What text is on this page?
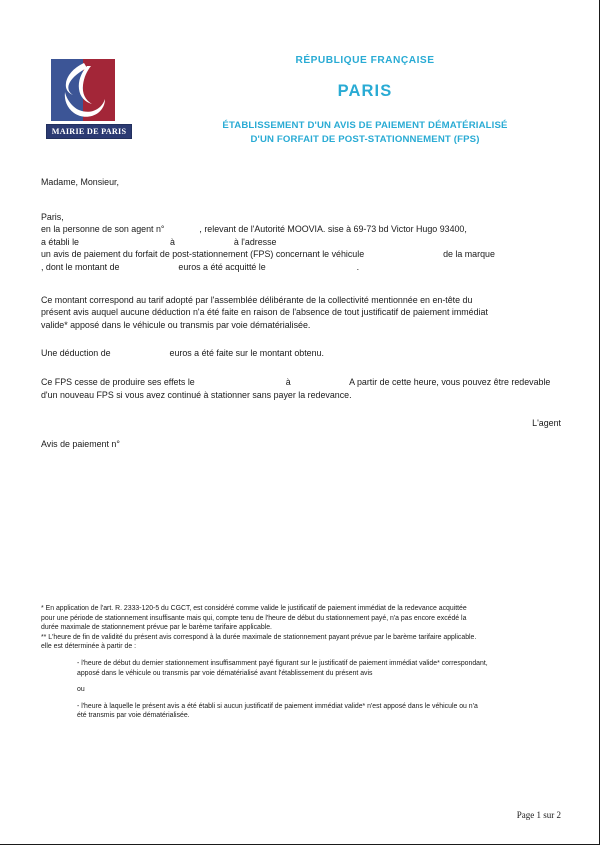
MAIRIE DE PARIS
RÉPUBLIQUE FRANÇAISE
PARIS
ÉTABLISSEMENT D'UN AVIS DE PAIEMENT DÉMATÉRIALISÉ
D'UN FORFAIT DE POST-STATIONNEMENT (FPS)
Madame, Monsieur,
Paris,
en la personne de son agent n°	, relevant de l'Autorité MOOVIA. sise à 69-73 bd Victor Hugo 93400,
a établi le	à	à l'adresse
un avis de paiement du forfait de post-stationnement (FPS) concernant le véhicule	de la marque
, dont le montant de	euros a été acquitté le	.
Ce montant correspond au tarif adopté par l'assemblée délibérante de la collectivité mentionnée en en-tête du
présent avis auquel aucune déduction n'a été faite en raison de l'absence de tout justificatif de paiement immédiat
valide* apposé dans le véhicule ou transmis par voie dématérialisée.
Une déduction de	euros a été faite sur le montant obtenu.
Ce FPS cesse de produire ses effets le	à	A partir de cette heure, vous pouvez être redevable
d'un nouveau FPS si vous avez continué à stationner sans payer la redevance.
L'agent
Avis de paiement n°
* En application de l'art. R. 2333-120-5 du CGCT, est considéré comme valide le justificatif de paiement immédiat de la redevance acquittée
pour une période de stationnement insuffisante mais qui, compte tenu de l'heure de début du stationnement payé, n'a pas encore excédé la
durée maximale de stationnement prévue par le barème tarifaire applicable.
** L'heure de fin de validité du présent avis correspond à la durée maximale de stationnement payant prévue par le barème tarifaire applicable.
elle est déterminée à partir de :
- l'heure de début du dernier stationnement insuffisamment payé figurant sur le justificatif de paiement immédiat valide* correspondant,
apposé dans le véhicule ou transmis par voie dématérialisé avant l'établissement du présent avis
ou
- l'heure à laquelle le présent avis a été établi si aucun justificatif de paiement immédiat valide* n'est apposé dans le véhicule ou n'a
été transmis par voie dématérialisée.
Page 1 sur 2
